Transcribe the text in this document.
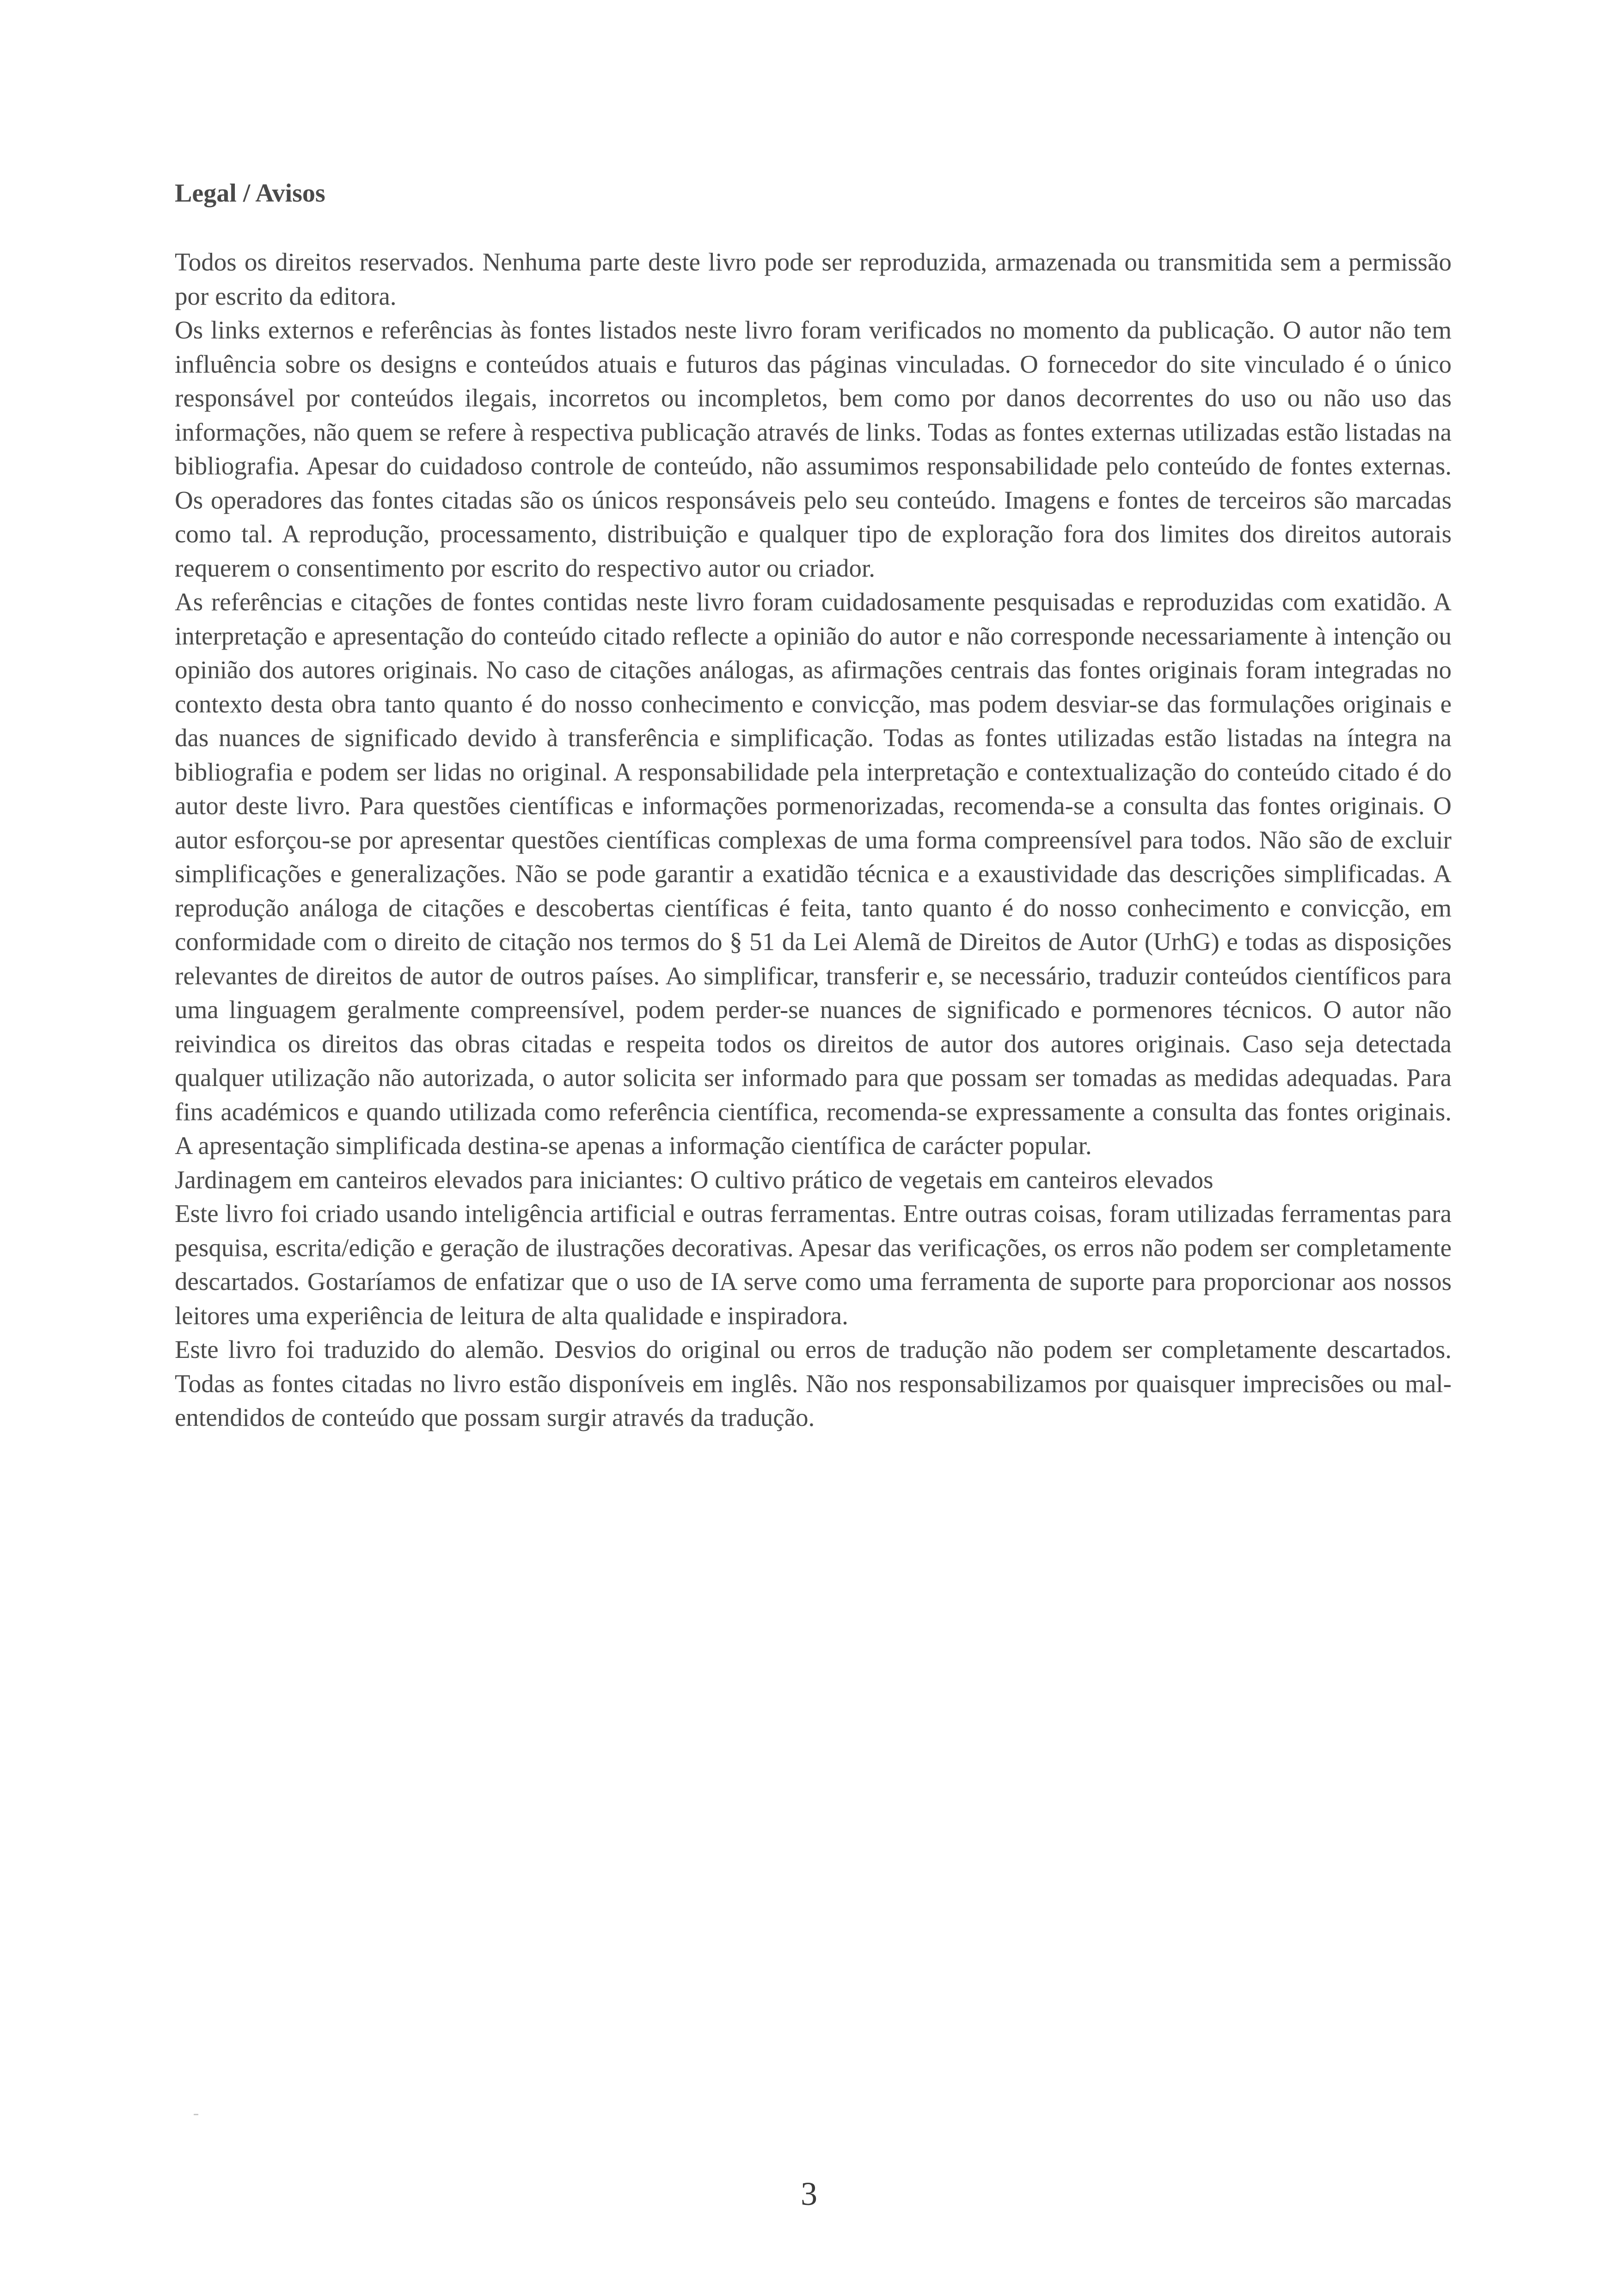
Legal / Avisos

Todos os direitos reservados. Nenhuma parte deste livro pode ser reproduzida, armazenada ou transmitida sem a permissão por escrito da editora.

Os links externos e referências às fontes listados neste livro foram verificados no momento da publicação. O autor não tem influência sobre os designs e conteúdos atuais e futuros das páginas vinculadas. O fornecedor do site vinculado é o único responsável por conteúdos ilegais, incorretos ou incompletos, bem como por danos decorrentes do uso ou não uso das informações, não quem se refere à respectiva publicação através de links. Todas as fontes externas utilizadas estão listadas na bibliografia. Apesar do cuidadoso controle de conteúdo, não assumimos responsabilidade pelo conteúdo de fontes externas. Os operadores das fontes citadas são os únicos responsáveis pelo seu conteúdo. Imagens e fontes de terceiros são marcadas como tal. A reprodução, processamento, distribuição e qualquer tipo de exploração fora dos limites dos direitos autorais requerem o consentimento por escrito do respectivo autor ou criador.

As referências e citações de fontes contidas neste livro foram cuidadosamente pesquisadas e reproduzidas com exatidão. A interpretação e apresentação do conteúdo citado reflecte a opinião do autor e não corresponde necessariamente à intenção ou opinião dos autores originais. No caso de citações análogas, as afirmações centrais das fontes originais foram integradas no contexto desta obra tanto quanto é do nosso conhecimento e convicção, mas podem desviar-se das formulações originais e das nuances de significado devido à transferência e simplificação. Todas as fontes utilizadas estão listadas na íntegra na bibliografia e podem ser lidas no original. A responsabilidade pela interpretação e contextualização do conteúdo citado é do autor deste livro. Para questões científicas e informações pormenorizadas, recomenda-se a consulta das fontes originais. O autor esforçou-se por apresentar questões científicas complexas de uma forma compreensível para todos. Não são de excluir simplificações e generalizações. Não se pode garantir a exatidão técnica e a exaustividade das descrições simplificadas. A reprodução análoga de citações e descobertas científicas é feita, tanto quanto é do nosso conhecimento e convicção, em conformidade com o direito de citação nos termos do § 51 da Lei Alemã de Direitos de Autor (UrhG) e todas as disposições relevantes de direitos de autor de outros países. Ao simplificar, transferir e, se necessário, traduzir conteúdos científicos para uma linguagem geralmente compreensível, podem perder-se nuances de significado e pormenores técnicos. O autor não reivindica os direitos das obras citadas e respeita todos os direitos de autor dos autores originais. Caso seja detectada qualquer utilização não autorizada, o autor solicita ser informado para que possam ser tomadas as medidas adequadas. Para fins académicos e quando utilizada como referência científica, recomenda-se expressamente a consulta das fontes originais. A apresentação simplificada destina-se apenas a informação científica de carácter popular.

Jardinagem em canteiros elevados para iniciantes: O cultivo prático de vegetais em canteiros elevados

Este livro foi criado usando inteligência artificial e outras ferramentas. Entre outras coisas, foram utilizadas ferramentas para pesquisa, escrita/edição e geração de ilustrações decorativas. Apesar das verificações, os erros não podem ser completamente descartados. Gostaríamos de enfatizar que o uso de IA serve como uma ferramenta de suporte para proporcionar aos nossos leitores uma experiência de leitura de alta qualidade e inspiradora.

Este livro foi traduzido do alemão. Desvios do original ou erros de tradução não podem ser completamente descartados. Todas as fontes citadas no livro estão disponíveis em inglês. Não nos responsabilizamos por quaisquer imprecisões ou mal-entendidos de conteúdo que possam surgir através da tradução.

3
